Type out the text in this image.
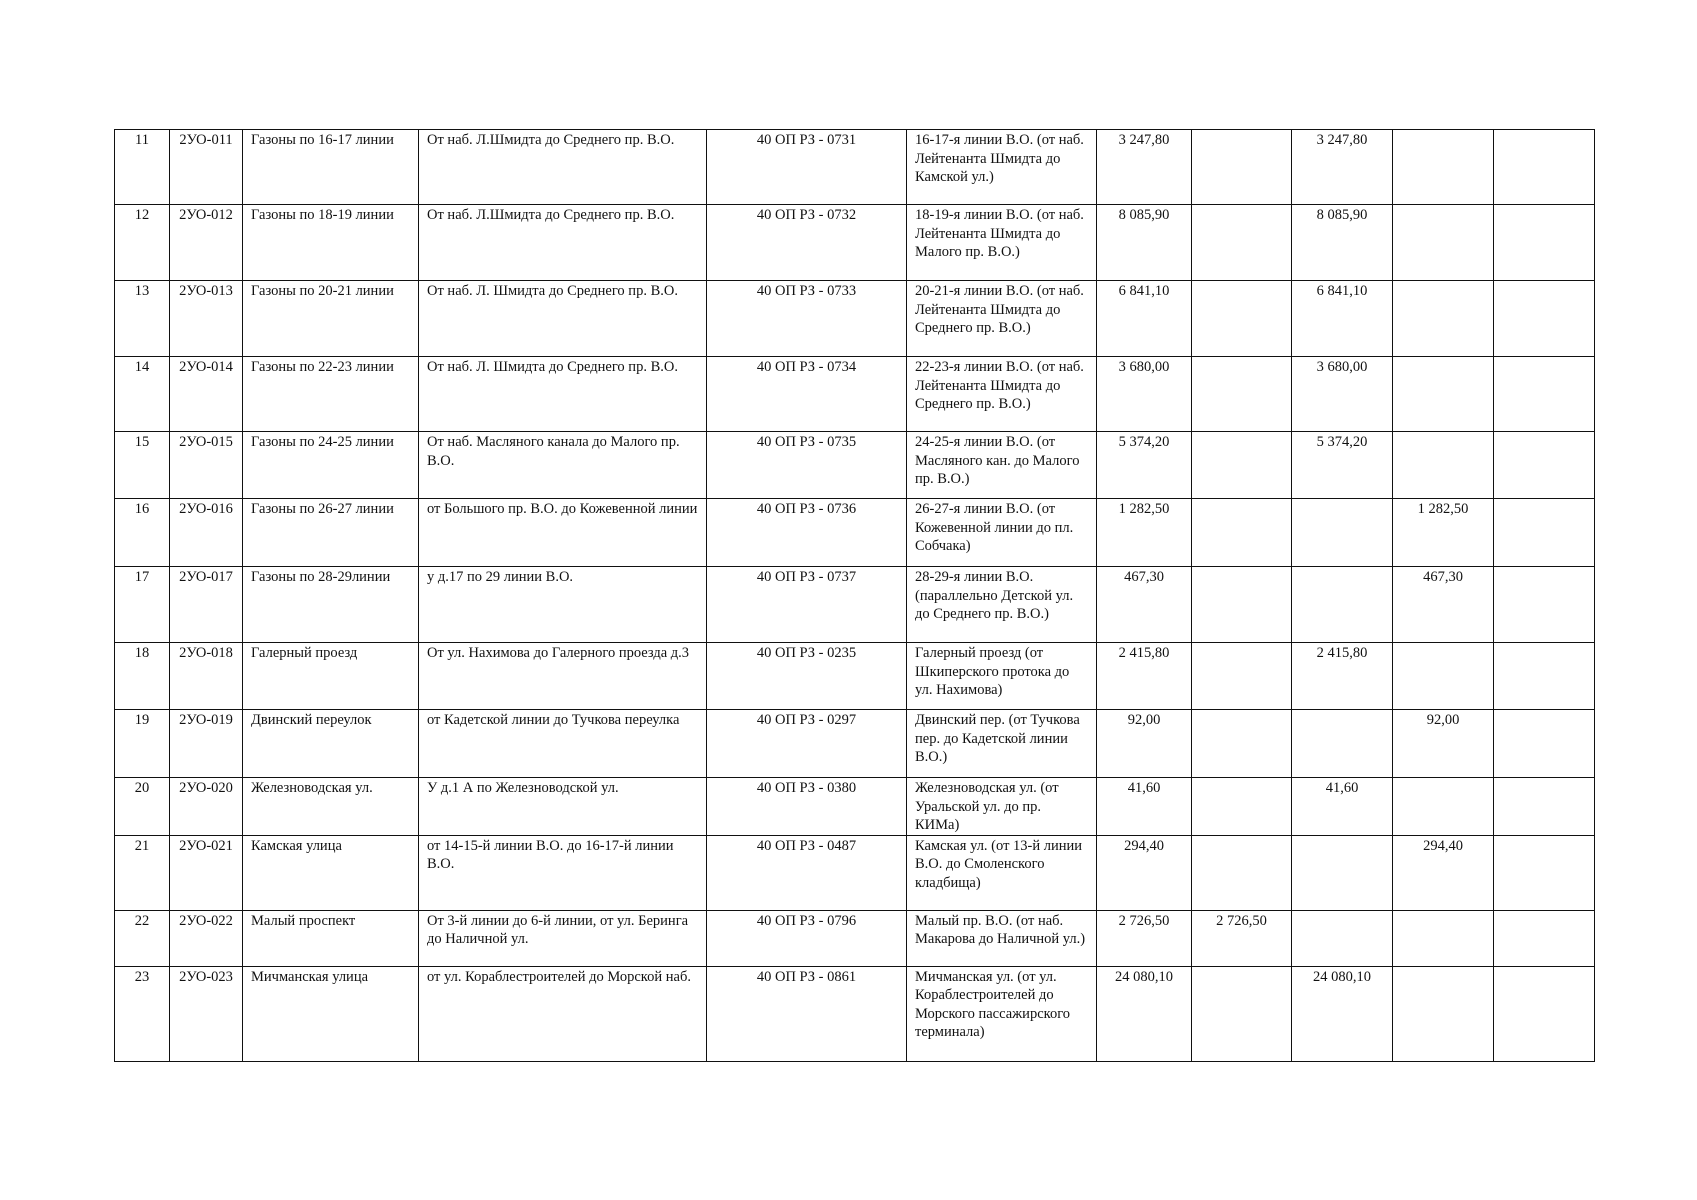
11	2УО-011	Газоны по 16-17 линии	От наб. Л.Шмидта до Среднего пр. В.О.	40 ОП РЗ - 0731	16-17-я линии В.О. (от наб. Лейтенанта Шмидта до Камской ул.)	3 247,80		3 247,80		
12	2УО-012	Газоны по 18-19 линии	От наб. Л.Шмидта до Среднего пр. В.О.	40 ОП РЗ - 0732	18-19-я линии В.О. (от наб. Лейтенанта Шмидта до Малого пр. В.О.)	8 085,90		8 085,90		
13	2УО-013	Газоны по 20-21 линии	От наб. Л. Шмидта до Среднего пр. В.О.	40 ОП РЗ - 0733	20-21-я линии В.О. (от наб. Лейтенанта Шмидта до Среднего пр. В.О.)	6 841,10		6 841,10		
14	2УО-014	Газоны по 22-23 линии	От наб. Л. Шмидта до Среднего пр. В.О.	40 ОП РЗ - 0734	22-23-я линии В.О. (от наб. Лейтенанта Шмидта до Среднего пр. В.О.)	3 680,00		3 680,00		
15	2УО-015	Газоны по 24-25 линии	От наб. Масляного канала до Малого пр. В.О.	40 ОП РЗ - 0735	24-25-я линии В.О. (от Масляного кан. до Малого пр. В.О.)	5 374,20		5 374,20		
16	2УО-016	Газоны по 26-27 линии	от Большого пр. В.О. до Кожевенной линии	40 ОП РЗ - 0736	26-27-я линии В.О. (от Кожевенной линии до пл. Собчака)	1 282,50			1 282,50	
17	2УО-017	Газоны по 28-29линии	у д.17 по 29 линии В.О.	40 ОП РЗ - 0737	28-29-я линии В.О. (параллельно Детской ул. до Среднего пр. В.О.)	467,30			467,30	
18	2УО-018	Галерный проезд	От ул. Нахимова до Галерного проезда д.3	40 ОП РЗ - 0235	Галерный проезд (от Шкиперского протока до ул. Нахимова)	2 415,80		2 415,80		
19	2УО-019	Двинский переулок	от Кадетской линии до Тучкова переулка	40 ОП РЗ - 0297	Двинский пер. (от Тучкова пер. до Кадетской линии В.О.)	92,00			92,00	
20	2УО-020	Железноводская ул.	У д.1 А по Железноводской ул.	40 ОП РЗ - 0380	Железноводская ул. (от Уральской ул. до пр. КИМа)	41,60		41,60		
21	2УО-021	Камская улица	от 14-15-й линии В.О. до 16-17-й линии В.О.	40 ОП РЗ - 0487	Камская ул. (от 13-й линии В.О. до Смоленского кладбища)	294,40			294,40	
22	2УО-022	Малый проспект	От 3-й линии до 6-й линии, от ул. Беринга до Наличной ул.	40 ОП РЗ - 0796	Малый пр. В.О. (от наб. Макарова до Наличной ул.)	2 726,50	2 726,50			
23	2УО-023	Мичманская улица	от ул. Кораблестроителей до Морской наб.	40 ОП РЗ - 0861	Мичманская ул. (от ул. Кораблестроителей до Морского пассажирского терминала)	24 080,10		24 080,10		
